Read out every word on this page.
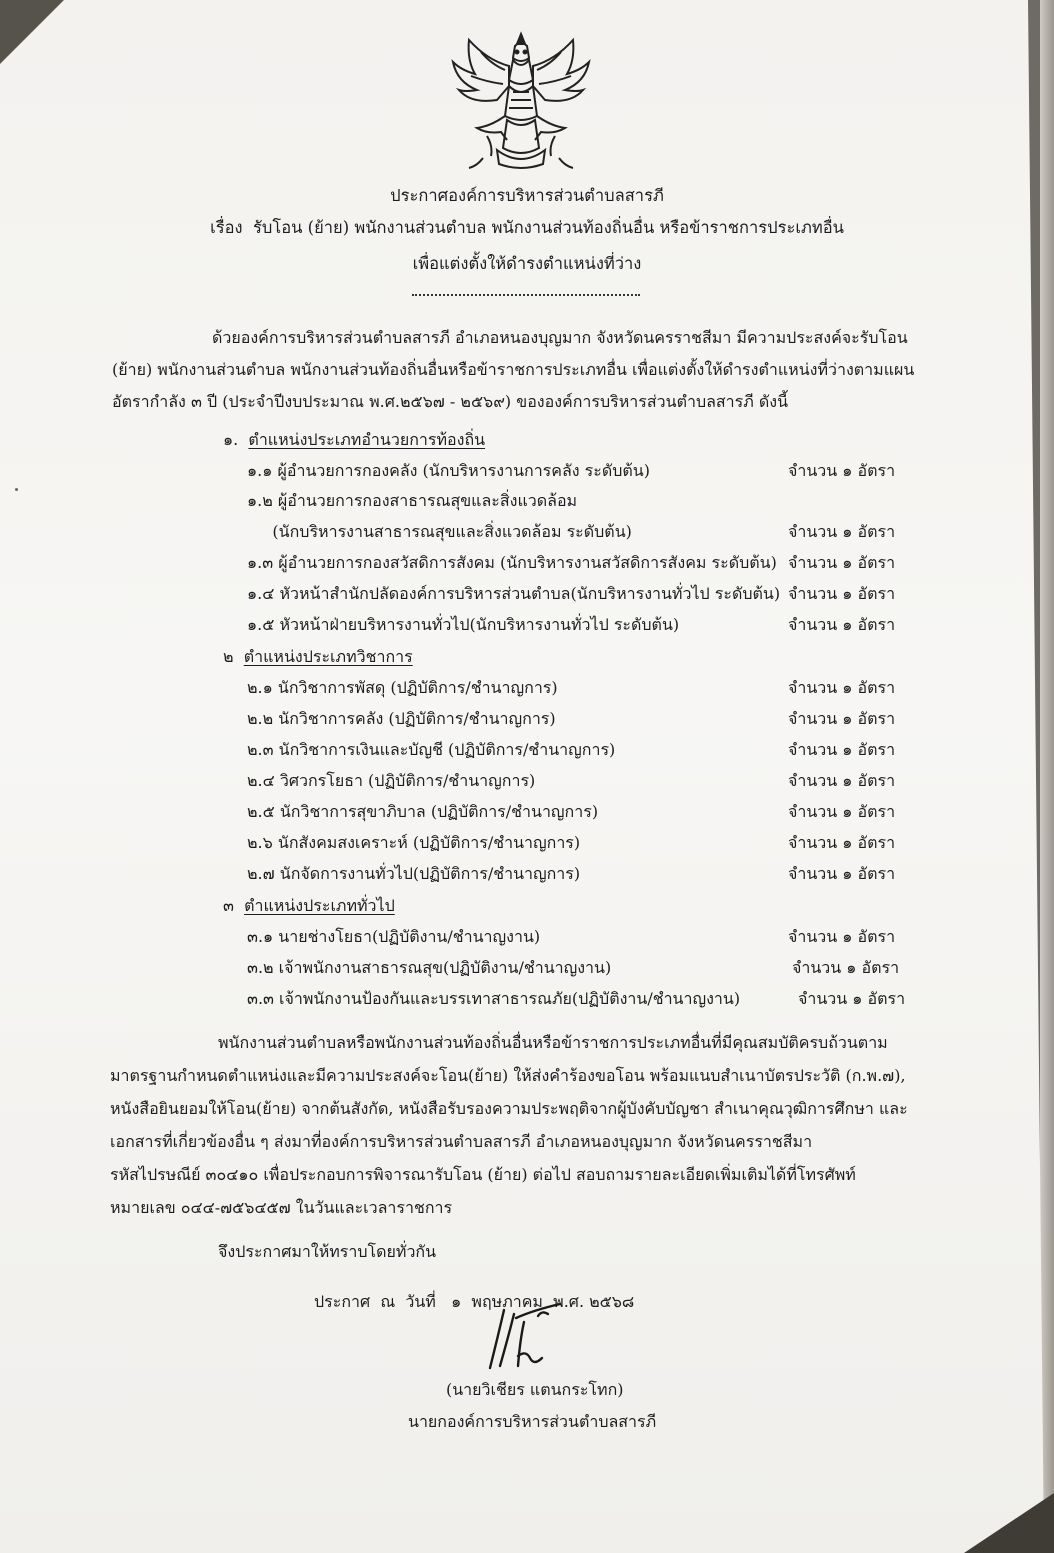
ประกาศองค์การบริหารส่วนตำบลสารภี
เรื่อง รับโอน (ย้าย) พนักงานส่วนตำบล พนักงานส่วนท้องถิ่นอื่น หรือข้าราชการประเภทอื่น
เพื่อแต่งตั้งให้ดำรงตำแหน่งที่ว่าง
ด้วยองค์การบริหารส่วนตำบลสารภี อำเภอหนองบุญมาก จังหวัดนครราชสีมา มีความประสงค์จะรับโอน
(ย้าย) พนักงานส่วนตำบล พนักงานส่วนท้องถิ่นอื่นหรือข้าราชการประเภทอื่น เพื่อแต่งตั้งให้ดำรงตำแหน่งที่ว่างตามแผน
อัตรากำลัง ๓ ปี (ประจำปีงบประมาณ พ.ศ.๒๕๖๗ - ๒๕๖๙) ของอ​งค์การบริหารส่วนตำบลสารภี ดังนี้
๑. ตำแหน่งประเภทอำนวยการท้องถิ่น
๑.๑ ผู้อำนวยการกองคลัง (นักบริหารงานการคลัง ระดับต้น)	จำนวน ๑ อัตรา
๑.๒ ผู้อำนวยการกองสาธารณสุขและสิ่งแวดล้อม
(นักบริหารงานสาธารณสุขและสิ่งแวดล้อม ระดับต้น)	จำนวน ๑ อัตรา
๑.๓ ผู้อำนวยการกองสวัสดิการสังคม (นักบริหารงานสวัสดิการสังคม ระดับต้น) จำนวน ๑ อัตรา
๑.๔ หัวหน้าสำนักปลัดองค์การบริหารส่วนตำบล(นักบริหารงานทั่วไป ระดับต้น) จำนวน ๑ อัตรา
๑.๕ หัวหน้าฝ่ายบริหารงานทั่วไป(นักบริหารงานทั่วไป ระดับต้น)	จำนวน ๑ อัตรา
๒ ตำแหน่งประเภทวิชาการ
๒.๑ นักวิชาการพัสดุ (ปฏิบัติการ/ชำนาญการ)	จำนวน ๑ อัตรา
๒.๒ นักวิชาการคลัง (ปฏิบัติการ/ชำนาญการ)	จำนวน ๑ อัตรา
๒.๓ นักวิชาการเงินและบัญชี (ปฏิบัติการ/ชำนาญการ)	จำนวน ๑ อัตรา
๒.๔ วิศวกรโยธา (ปฏิบัติการ/ชำนาญการ)	จำนวน ๑ อัตรา
๒.๕ นักวิชาการสุขาภิบาล (ปฏิบัติการ/ชำนาญการ)	จำนวน ๑ อัตรา
๒.๖ นักสังคมสงเคราะห์ (ปฏิบัติการ/ชำนาญการ)	จำนวน ๑ อัตรา
๒.๗ นักจัดการงานทั่วไป(ปฏิบัติการ/ชำนาญการ)	จำนวน ๑ อัตรา
๓ ตำแหน่งประเภททั่วไป
๓.๑ นายช่างโยธา(ปฏิบัติงาน/ชำนาญงาน)	จำนวน ๑ อัตรา
๓.๒ เจ้าพนักงานสาธารณสุข(ปฏิบัติงาน/ชำนาญงาน)	จำนวน ๑ อัตรา
๓.๓ เจ้าพนักงานป้องกันและบรรเทาสาธารณภัย(ปฏิบัติงาน/ชำนาญงาน)	จำนวน ๑ อัตรา
พนักงานส่วนตำบลหรือพนักงานส่วนท้องถิ่นอื่นหรือข้าราชการประเภทอื่นที่มีคุณสมบัติครบถ้วนตาม
มาตรฐานกำหนดตำแหน่งและมีความประสงค์จะโอน(ย้าย) ให้ส่งคำร้องขอโอน พร้อมแนบสำเนาบัตรประวัติ (ก.พ.๗),
หนังสือยินยอมให้โอน(ย้าย) จากต้นสังกัด, หนังสือรับรองความประพฤติจากผู้บังคับบัญชา สำเนาคุณวุฒิการศึกษา และ
เอกสารที่เกี่ยวข้องอื่น ๆ ส่งมาที่องค์การบริหารส่วนตำบลสารภี อำเภอหนองบุญมาก จังหวัดนครราชสีมา
รหัสไปรษณีย์ ๓๐๔๑๐ เพื่อประกอบการพิจารณารับโอน (ย้าย) ต่อไป สอบถามรายละเอียดเพิ่มเติมได้ที่โทรศัพท์
หมายเลข ๐๔๔-๗๕๖๔๕๗ ในวันและเวลาราชการ
จึงประกาศมาให้ทราบโดยทั่วกัน
ประกาศ  ณ  วันที่   ๑  พฤษภาคม  พ.ศ. ๒๕๖๘
(นายวิเชียร แตนกระโทก)
นายกองค์การบริหารส่วนตำบลสารภี
